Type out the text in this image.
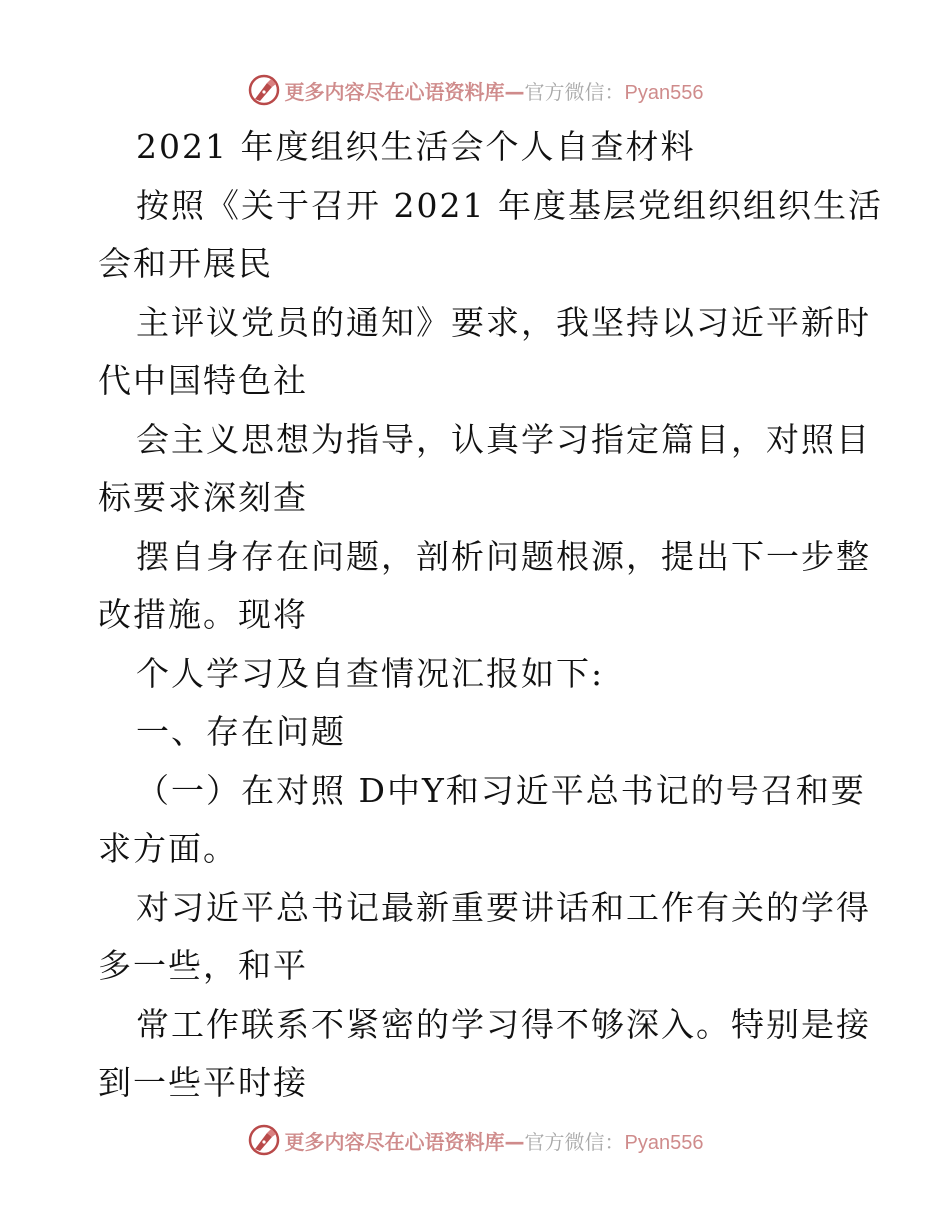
更多内容尽在心语资料库—官方微信：Pyan556
2021 年度组织生活会个人自查材料
按照《关于召开 2021 年度基层党组织组织生活
会和开展民
主评议党员的通知》要求，我坚持以习近平新时
代中国特色社
会主义思想为指导，认真学习指定篇目，对照目
标要求深刻查
摆自身存在问题，剖析问题根源，提出下一步整
改措施。现将
个人学习及自查情况汇报如下:
一、存在问题
（一）在对照 D中Y和习近平总书记的号召和要
求方面。
对习近平总书记最新重要讲话和工作有关的学得
多一些，和平
常工作联系不紧密的学习得不够深入。特别是接
到一些平时接
更多内容尽在心语资料库—官方微信：Pyan556
